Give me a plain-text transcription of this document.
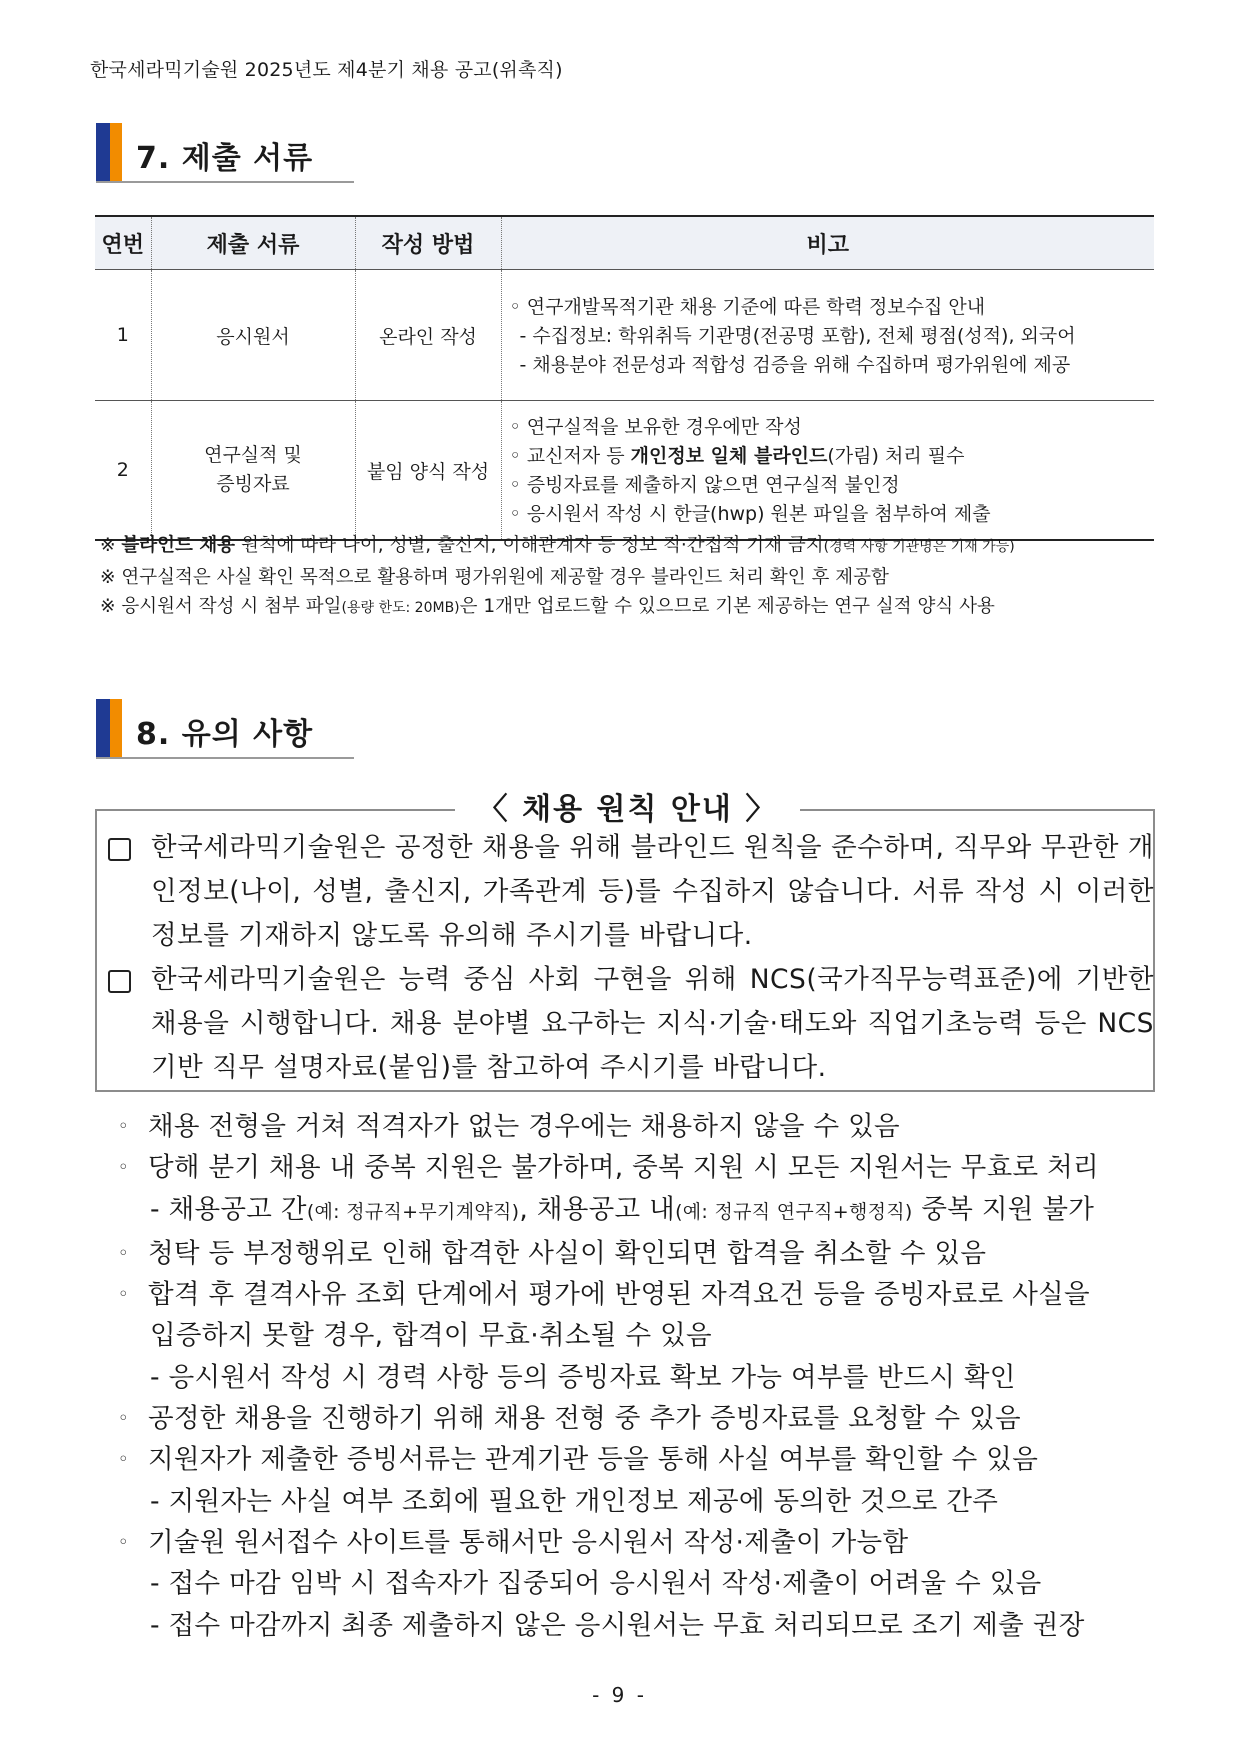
한국세라믹기술원 2025년도 제4분기 채용 공고(위촉직)
7. 제출 서류
연번	제출 서류	작성 방법	비고
1	응시원서	온라인 작성	◦ 연구개발목적기관 채용 기준에 따른 학력 정보수집 안내
- 수집정보: 학위취득 기관명(전공명 포함), 전체 평점(성적), 외국어
- 채용분야 전문성과 적합성 검증을 위해 수집하며 평가위원에 제공

2	연구실적 및
증빙자료	붙임 양식 작성	◦ 연구실적을 보유한 경우에만 작성
◦ 교신저자 등 개인정보 일체 블라인드(가림) 처리 필수
◦ 증빙자료를 제출하지 않으면 연구실적 불인정
◦ 응시원서 작성 시 한글(hwp) 원본 파일을 첨부하여 제출
※ 블라인드 채용 원칙에 따라 나이, 성별, 출신지, 이해관계자 등 정보 직·간접적 기재 금지(경력 사항 기관명은 기재 가능)
※ 연구실적은 사실 확인 목적으로 활용하며 평가위원에 제공할 경우 블라인드 처리 확인 후 제공함
※ 응시원서 작성 시 첨부 파일(용량 한도: 20MB)은 1개만 업로드할 수 있으므로 기본 제공하는 연구 실적 양식 사용
8. 유의 사항
〈 채용 원칙 안내 〉
한국세라믹기술원은 공정한 채용을 위해 블라인드 원칙을 준수하며, 직무와 무관한 개인정보(나이, 성별, 출신지, 가족관계 등)를 수집하지 않습니다. 서류 작성 시 이러한 정보를 기재하지 않도록 유의해 주시기를 바랍니다.
한국세라믹기술원은 능력 중심 사회 구현을 위해 NCS(국가직무능력표준)에 기반한 채용을 시행합니다. 채용 분야별 요구하는 지식·기술·태도와 직업기초능력 등은 NCS 기반 직무 설명자료(붙임)를 참고하여 주시기를 바랍니다.
◦ 채용 전형을 거쳐 적격자가 없는 경우에는 채용하지 않을 수 있음
◦ 당해 분기 채용 내 중복 지원은 불가하며, 중복 지원 시 모든 지원서는 무효로 처리
- 채용공고 간(예: 정규직+무기계약직), 채용공고 내(예: 정규직 연구직+행정직) 중복 지원 불가
◦ 청탁 등 부정행위로 인해 합격한 사실이 확인되면 합격을 취소할 수 있음
◦ 합격 후 결격사유 조회 단계에서 평가에 반영된 자격요건 등을 증빙자료로 사실을
입증하지 못할 경우, 합격이 무효·취소될 수 있음
- 응시원서 작성 시 경력 사항 등의 증빙자료 확보 가능 여부를 반드시 확인
◦ 공정한 채용을 진행하기 위해 채용 전형 중 추가 증빙자료를 요청할 수 있음
◦ 지원자가 제출한 증빙서류는 관계기관 등을 통해 사실 여부를 확인할 수 있음
- 지원자는 사실 여부 조회에 필요한 개인정보 제공에 동의한 것으로 간주
◦ 기술원 원서접수 사이트를 통해서만 응시원서 작성·제출이 가능함
- 접수 마감 임박 시 접속자가 집중되어 응시원서 작성·제출이 어려울 수 있음
- 접수 마감까지 최종 제출하지 않은 응시원서는 무효 처리되므로 조기 제출 권장
- 9 -
